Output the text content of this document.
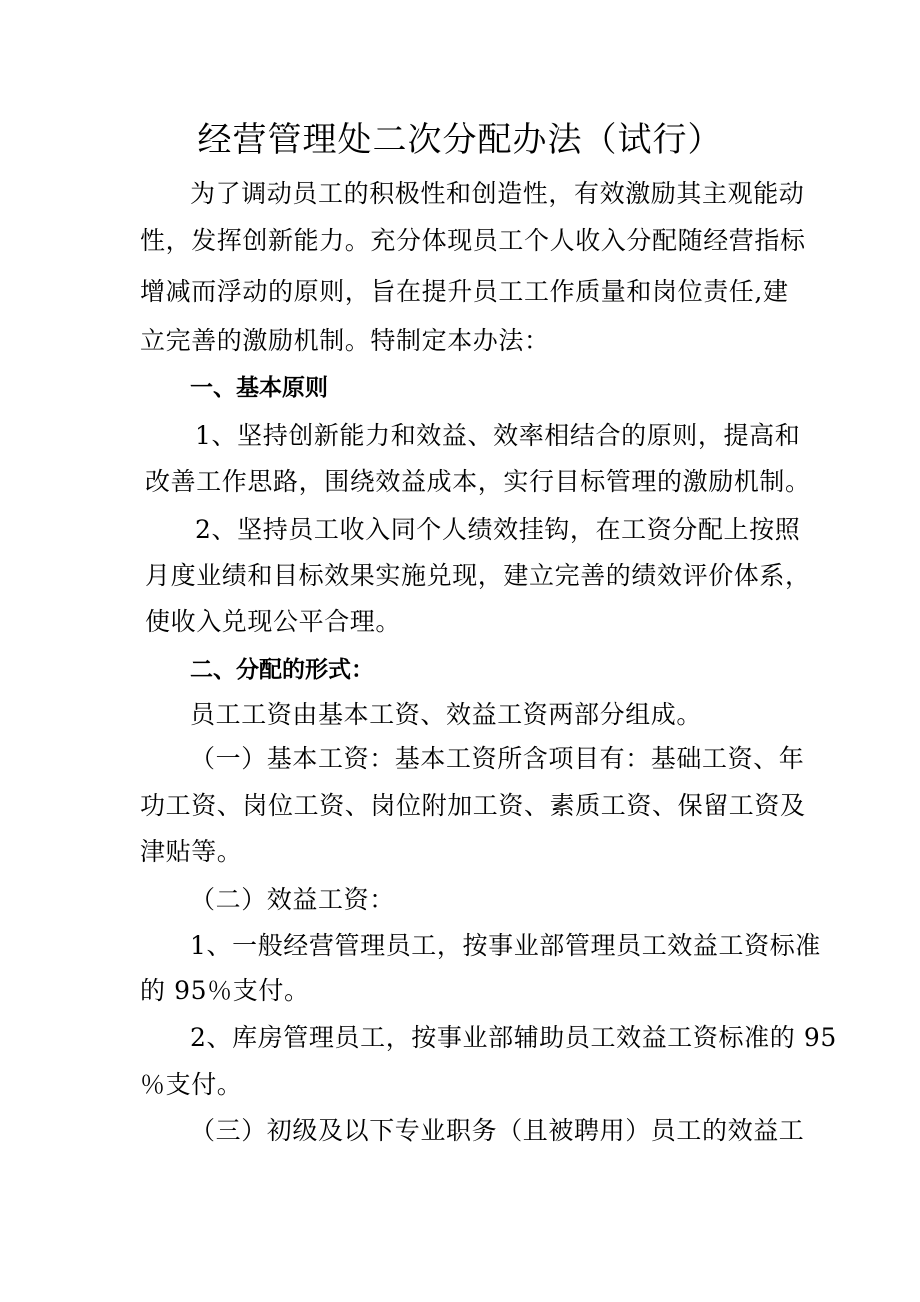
经营管理处二次分配办法（试行）
为了调动员工的积极性和创造性，有效激励其主观能动
性，发挥创新能力。充分体现员工个人收入分配随经营指标
增减而浮动的原则，旨在提升员工工作质量和岗位责任,建
立完善的激励机制。特制定本办法：
一、基本原则
1、坚持创新能力和效益、效率相结合的原则，提高和
改善工作思路，围绕效益成本，实行目标管理的激励机制。
2、坚持员工收入同个人绩效挂钩，在工资分配上按照
月度业绩和目标效果实施兑现，建立完善的绩效评价体系，
使收入兑现公平合理。
二、分配的形式：
员工工资由基本工资、效益工资两部分组成。
（一）基本工资：基本工资所含项目有：基础工资、年
功工资、岗位工资、岗位附加工资、素质工资、保留工资及
津贴等。
（二）效益工资：
1、一般经营管理员工，按事业部管理员工效益工资标准
的 95％支付。
2、库房管理员工，按事业部辅助员工效益工资标准的 95
％支付。
（三）初级及以下专业职务（且被聘用）员工的效益工
